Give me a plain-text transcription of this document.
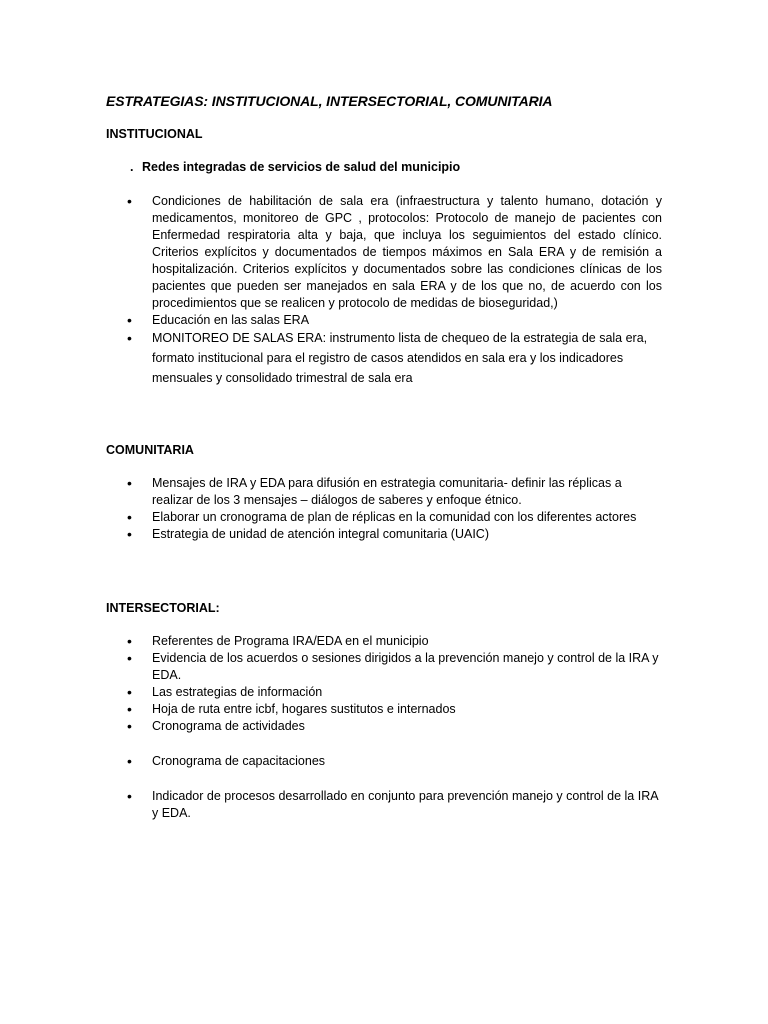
ESTRATEGIAS: INSTITUCIONAL, INTERSECTORIAL, COMUNITARIA
INSTITUCIONAL

. Redes integradas de servicios de salud del municipio

• Condiciones de habilitación de sala era (infraestructura y talento humano, dotación y medicamentos, monitoreo de GPC , protocolos: Protocolo de manejo de pacientes con Enfermedad respiratoria alta y baja, que incluya los seguimientos del estado clínico. Criterios explícitos y documentados de tiempos máximos en Sala ERA y de remisión a hospitalización. Criterios explícitos y documentados sobre las condiciones clínicas de los pacientes que pueden ser manejados en sala ERA y de los que no, de acuerdo con los procedimientos que se realicen y protocolo de medidas de bioseguridad,)
• Educación en las salas ERA
• MONITOREO DE SALAS ERA: instrumento lista de chequeo de la estrategia de sala era, formato institucional para el registro de casos atendidos en sala era y los indicadores mensuales y consolidado trimestral de sala era
COMUNITARIA
• Mensajes de IRA y EDA para difusión en estrategia comunitaria- definir las réplicas a realizar de los 3 mensajes – diálogos de saberes y enfoque étnico.
• Elaborar un cronograma de plan de réplicas en la comunidad con los diferentes actores
• Estrategia de unidad de atención integral comunitaria (UAIC)
INTERSECTORIAL:
• Referentes de Programa IRA/EDA en el municipio
• Evidencia de los acuerdos o sesiones dirigidos a la prevención manejo y control de la IRA y EDA.
• Las estrategias de información
• Hoja de ruta entre icbf, hogares sustitutos e internados
• Cronograma de actividades
• Cronograma de capacitaciones
• Indicador de procesos desarrollado en conjunto para prevención manejo y control de la IRA y EDA.
